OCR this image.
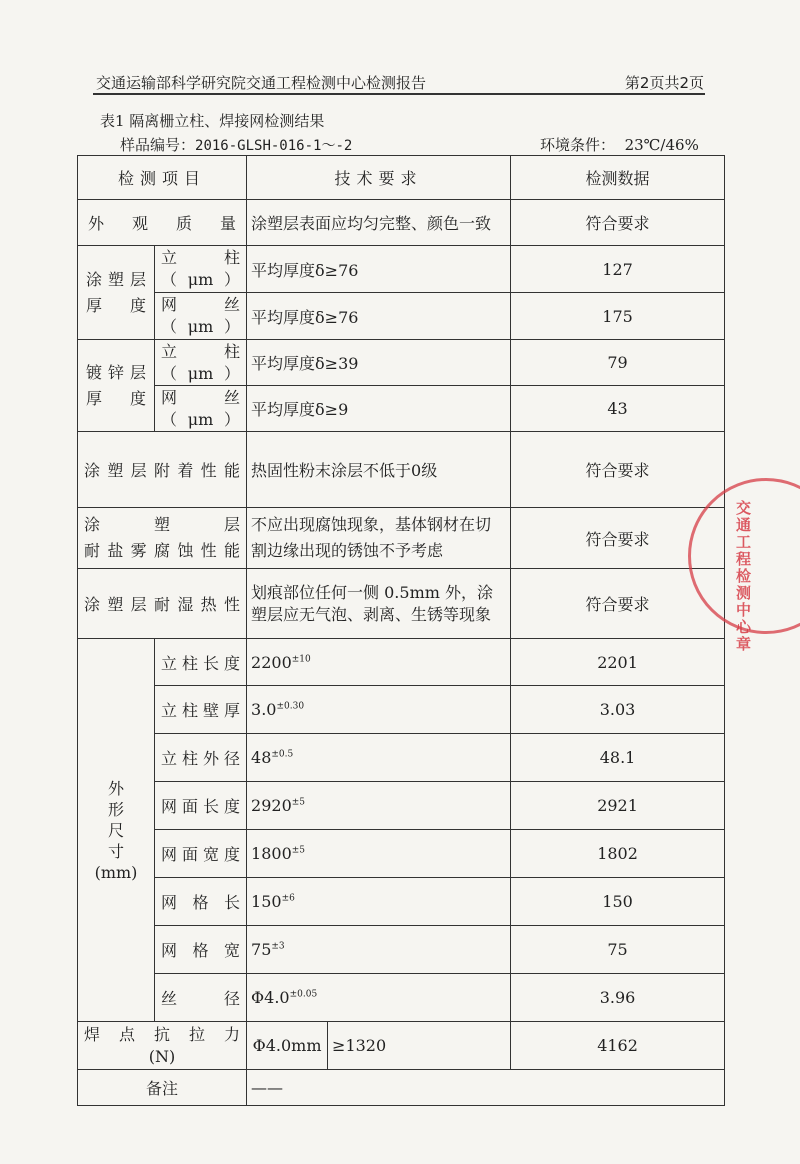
交通运输部科学研究院交通工程检测中心检测报告	第2页共2页
表1 隔离栅立柱、焊接网检测结果
样品编号：2016-GLSH-016-1～-2	环境条件： 23℃/46%
检测项目		技术要求		检测数据

外观质量		涂塑层表面应均匀完整、颜色一致		符合要求

涂塑层厚度	立柱
（μm）	平均厚度δ≥76		127

	网丝
（μm）	平均厚度δ≥76		175

镀锌层厚度	立柱
（μm）	平均厚度δ≥39		79

	网丝
（μm）	平均厚度δ≥9		43

涂塑层附着性能		热固性粉末涂层不低于0级		符合要求

涂塑层
耐盐雾腐蚀性能		不应出现腐蚀现象，基体钢材在切割边缘出现的锈蚀不予考虑		符合要求

涂塑层耐湿热性		划痕部位任何一侧 0.5mm 外，涂塑层应无气泡、剥离、生锈等现象		符合要求

外形尺寸
(mm)	立柱长度	$2200^{\pm 10}$		2201

	立柱壁厚	$3.0^{\pm 0.30}$		3.03

	立柱外径	$48^{\pm 0.5}$		48.1

	网面长度	$2920^{\pm 5}$		2921

	网面宽度	$1800^{\pm 5}$		1802

	网格长	$150^{\pm 6}$		150

	网格宽	$75^{\pm 3}$		75

	丝径	$\Phi 4.0^{\pm 0.05}$		3.96

焊点抗拉力
(N)		Φ4.0mm	≥1320	4162
备注		——		
交通工程检测中心章
